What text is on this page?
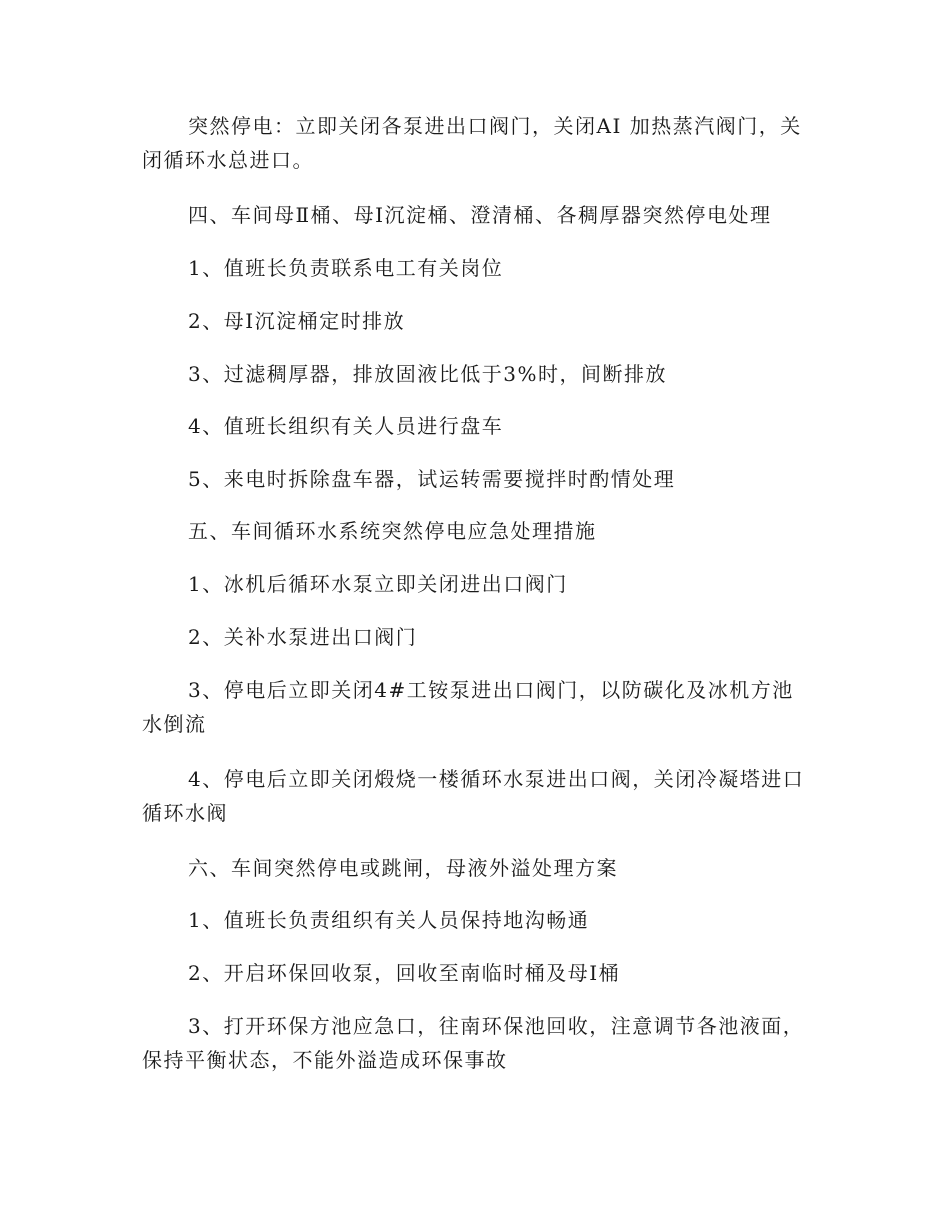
突然停电：立即关闭各泵进出口阀门，关闭AⅠ 加热蒸汽阀门，关闭循环水总进口。

四、车间母Ⅱ桶、母Ⅰ沉淀桶、澄清桶、各稠厚器突然停电处理

1、值班长负责联系电工有关岗位

2、母Ⅰ沉淀桶定时排放

3、过滤稠厚器，排放固液比低于3%时，间断排放

4、值班长组织有关人员进行盘车

5、来电时拆除盘车器，试运转需要搅拌时酌情处理

五、车间循环水系统突然停电应急处理措施

1、冰机后循环水泵立即关闭进出口阀门

2、关补水泵进出口阀门

3、停电后立即关闭4#工铵泵进出口阀门，以防碳化及冰机方池水倒流

4、停电后立即关闭煅烧一楼循环水泵进出口阀，关闭冷凝塔进口循环水阀

六、车间突然停电或跳闸，母液外溢处理方案

1、值班长负责组织有关人员保持地沟畅通

2、开启环保回收泵，回收至南临时桶及母Ⅰ桶

3、打开环保方池应急口，往南环保池回收，注意调节各池液面，保持平衡状态，不能外溢造成环保事故
